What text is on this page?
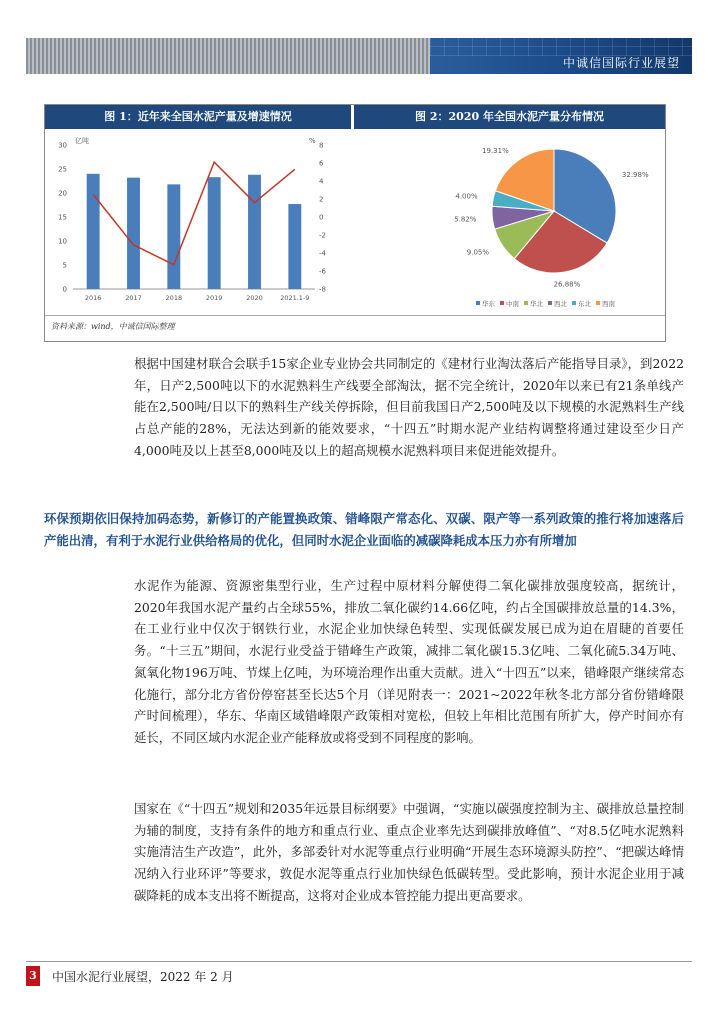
中诚信国际行业展望
图 1：近年来全国水泥产量及增速情况	图 2：2020 年全国水泥产量分布情况
亿吨	%
0
5
10
15
20
25
30
-8
-6
-4
-2
0
2
4
6
8
2016	2017	2018	2019	2020	2021.1-9
32.98%
26.88%
9.05%
5.82%
4.00%
19.31%
华东 中南 华北 西北 东北 西南
资料来源：wind，中诚信国际整理

根据中国建材联合会联手15家企业专业协会共同制定的《建材行业淘汰落后产能指导目录》，到2022年，日产2,500吨以下的水泥熟料生产线要全部淘汰，据不完全统计，2020年以来已有21条单线产能在2,500吨/日以下的熟料生产线关停拆除，但目前我国日产2,500吨及以下规模的水泥熟料生产线占总产能的28%，无法达到新的能效要求，“十四五”时期水泥产业结构调整将通过建设至少日产4,000吨及以上甚至8,000吨及以上的超高规模水泥熟料项目来促进能效提升。

环保预期依旧保持加码态势，新修订的产能置换政策、错峰限产常态化、双碳、限产等一系列政策的推行将加速落后产能出清，有利于水泥行业供给格局的优化，但同时水泥企业面临的减碳降耗成本压力亦有所增加

水泥作为能源、资源密集型行业，生产过程中原材料分解使得二氧化碳排放强度较高，据统计，2020年我国水泥产量约占全球55%，排放二氧化碳约14.66亿吨，约占全国碳排放总量的14.3%，在工业行业中仅次于钢铁行业，水泥企业加快绿色转型、实现低碳发展已成为迫在眉睫的首要任务。“十三五”期间，水泥行业受益于错峰生产政策，减排二氧化碳15.3亿吨、二氧化硫5.34万吨、氮氧化物196万吨、节煤上亿吨，为环境治理作出重大贡献。进入“十四五”以来，错峰限产继续常态化施行，部分北方省份停窑甚至长达5个月（详见附表一：2021~2022年秋冬北方部分省份错峰限产时间梳理），华东、华南区域错峰限产政策相对宽松，但较上年相比范围有所扩大，停产时间亦有延长，不同区域内水泥企业产能释放或将受到不同程度的影响。

国家在《“十四五”规划和2035年远景目标纲要》中强调，“实施以碳强度控制为主、碳排放总量控制为辅的制度，支持有条件的地方和重点行业、重点企业率先达到碳排放峰值”、“对8.5亿吨水泥熟料实施清洁生产改造”，此外，多部委针对水泥等重点行业明确“开展生态环境源头防控”、“把碳达峰情况纳入行业环评”等要求，敦促水泥等重点行业加快绿色低碳转型。受此影响，预计水泥企业用于减碳降耗的成本支出将不断提高，这将对企业成本管控能力提出更高要求。

3 中国水泥行业展望，2022 年 2 月
